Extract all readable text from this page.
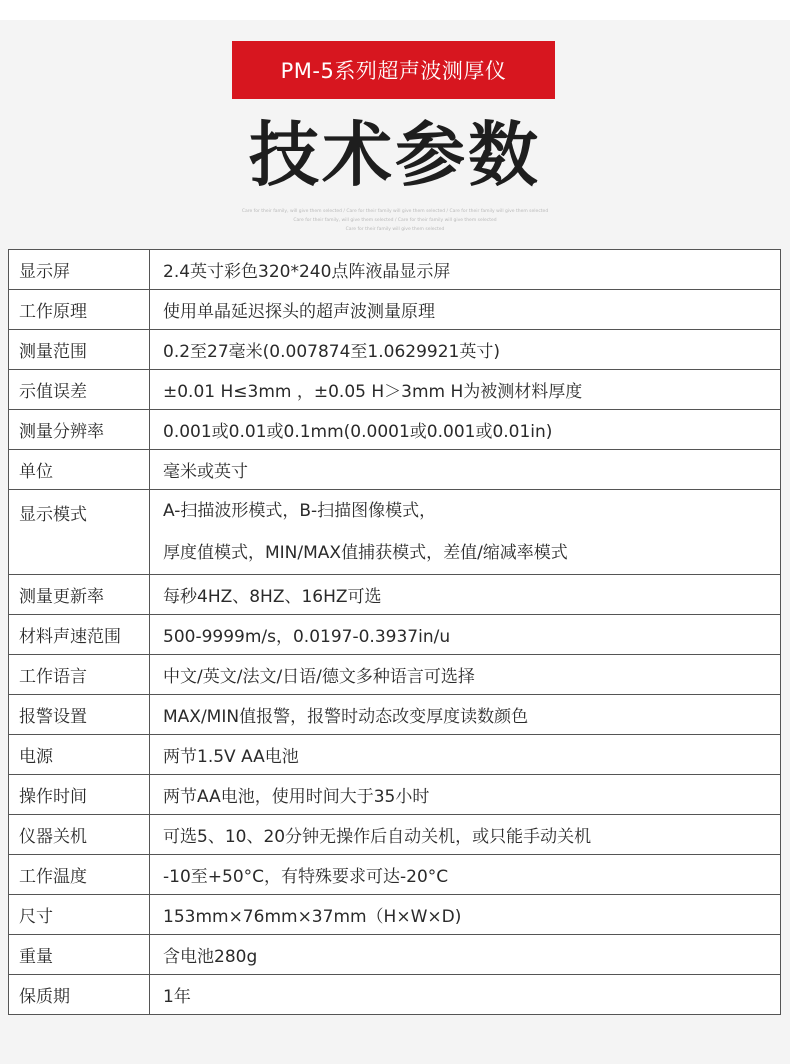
PM-5系列超声波测厚仪
技术参数
Care for their family, will give them selected / Care for their family will give them selected / Care for their family will give them selected
Care for their family, will give them selected / Care for their family will give them selected
Care for their family will give them selected
显示屏	2.4英寸彩色320*240点阵液晶显示屏

工作原理	使用单晶延迟探头的超声波测量原理

测量范围	0.2至27毫米(0.007874至1.0629921英寸)

示值误差	±0.01 H≤3mm ，±0.05 H＞3mm H为被测材料厚度

测量分辨率	0.001或0.01或0.1mm(0.0001或0.001或0.01in)

单位	毫米或英寸

显示模式	A-扫描波形模式，B-扫描图像模式，
厚度值模式，MIN/MAX值捕获模式，差值/缩减率模式

测量更新率	每秒4HZ、8HZ、16HZ可选

材料声速范围	500-9999m/s，0.0197-0.3937in/u

工作语言	中文/英文/法文/日语/德文多种语言可选择

报警设置	MAX/MIN值报警，报警时动态改变厚度读数颜色

电源	两节1.5V AA电池

操作时间	两节AA电池，使用时间大于35小时

仪器关机	可选5、10、20分钟无操作后自动关机，或只能手动关机

工作温度	-10至+50°C，有特殊要求可达-20°C

尺寸	153mm×76mm×37mm（H×W×D)

重量	含电池280g

保质期	1年
